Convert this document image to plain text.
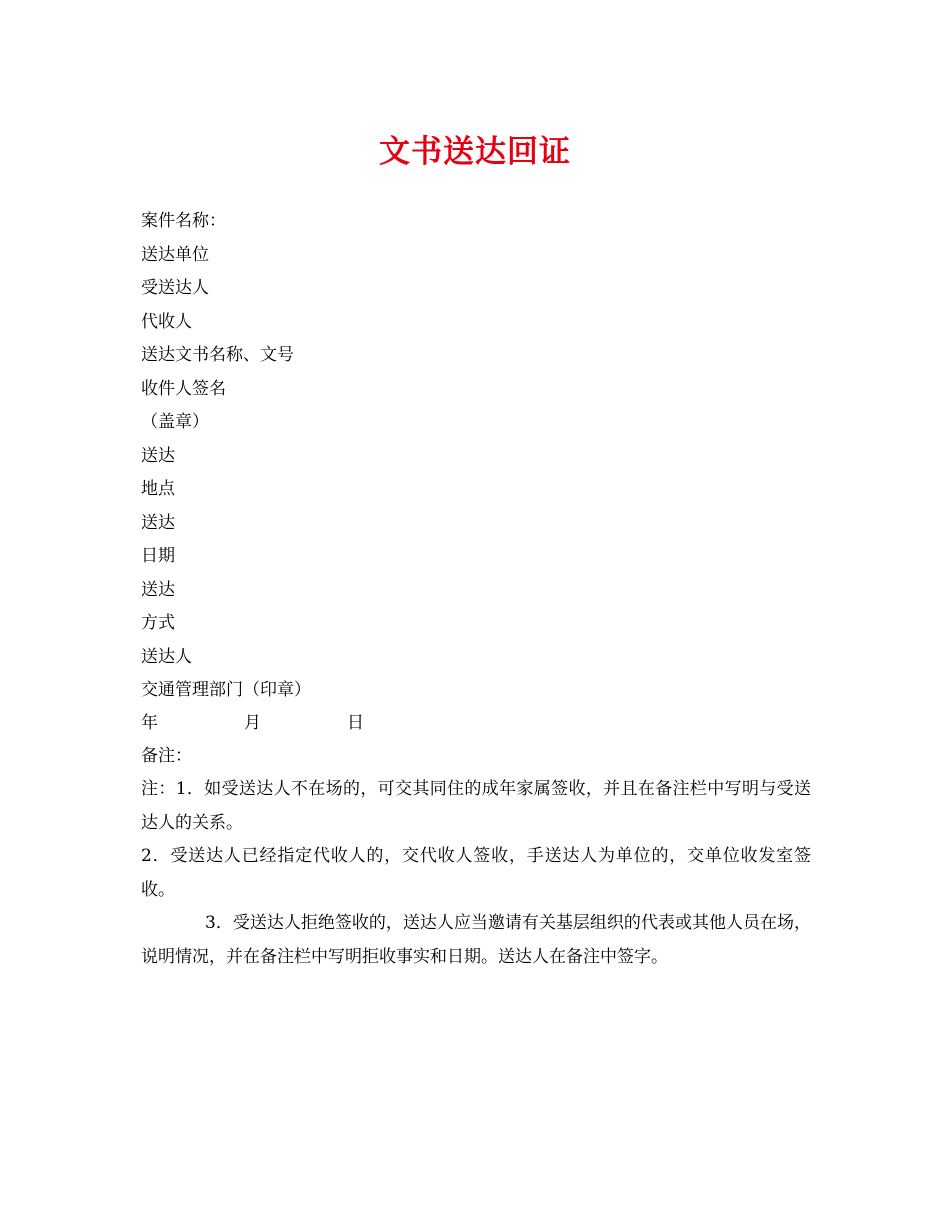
文书送达回证
案件名称：
送达单位
受送达人
代收人
送达文书名称、文号
收件人签名
（盖章）
送达
地点
送达
日期
送达
方式
送达人
交通管理部门（印章）
年	月	日
备注：

注：1．如受送达人不在场的，可交其同住的成年家属签收，并且在备注栏中写明与受送达人的关系。

2．受送达人已经指定代收人的，交代收人签收，手送达人为单位的，交单位收发室签收。

3．受送达人拒绝签收的，送达人应当邀请有关基层组织的代表或其他人员在场，说明情况，并在备注栏中写明拒收事实和日期。送达人在备注中签字。
